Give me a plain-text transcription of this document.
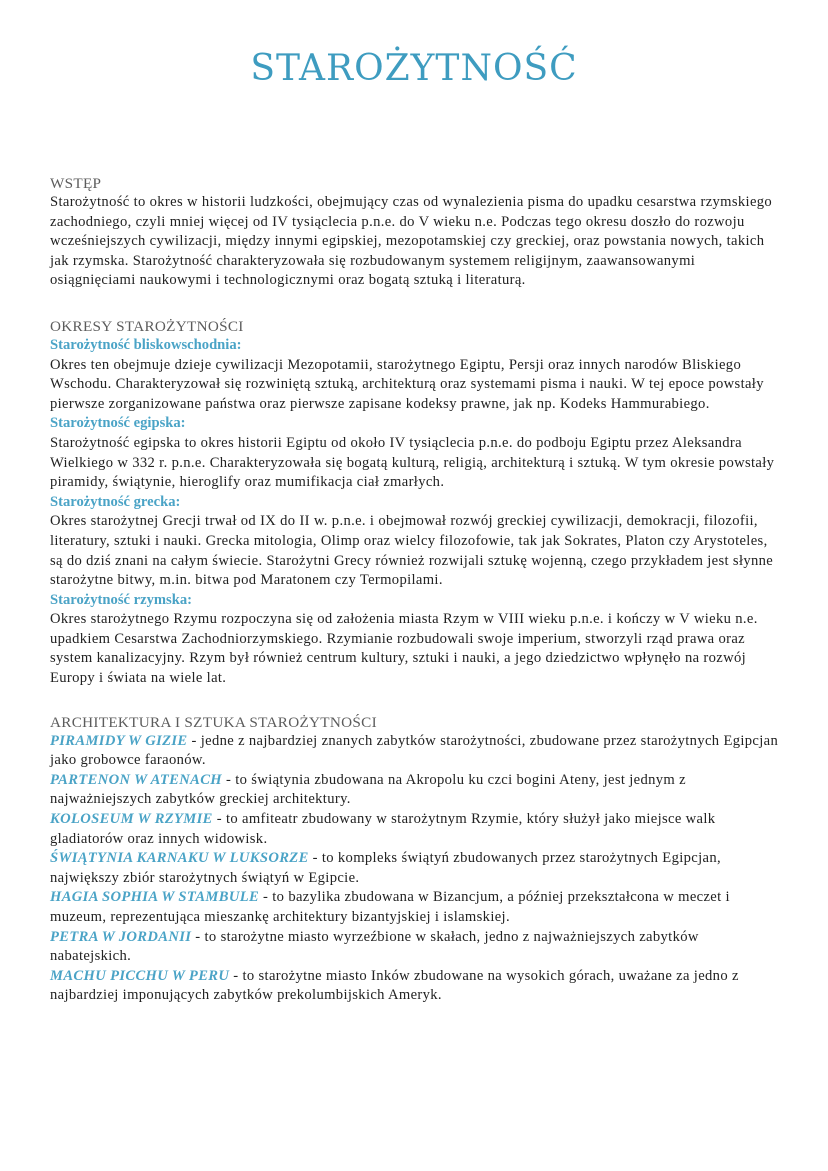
STAROŻYTNOŚĆ
WSTĘP

Starożytność to okres w historii ludzkości, obejmujący czas od wynalezienia pisma do upadku cesarstwa rzymskiego zachodniego, czyli mniej więcej od IV tysiąclecia p.n.e. do V wieku n.e. Podczas tego okresu doszło do rozwoju wcześniejszych cywilizacji, między innymi egipskiej, mezopotamskiej czy greckiej, oraz powstania nowych, takich jak rzymska. Starożytność charakteryzowała się rozbudowanym systemem religijnym, zaawansowanymi osiągnięciami naukowymi i technologicznymi oraz bogatą sztuką i literaturą.

OKRESY STAROŻYTNOŚCI
Starożytność bliskowschodnia:

Okres ten obejmuje dzieje cywilizacji Mezopotamii, starożytnego Egiptu, Persji oraz innych narodów Bliskiego Wschodu. Charakteryzował się rozwiniętą sztuką, architekturą oraz systemami pisma i nauki. W tej epoce powstały pierwsze zorganizowane państwa oraz pierwsze zapisane kodeksy prawne, jak np. Kodeks Hammurabiego.

Starożytność egipska:

Starożytność egipska to okres historii Egiptu od około IV tysiąclecia p.n.e. do podboju Egiptu przez Aleksandra Wielkiego w 332 r. p.n.e. Charakteryzowała się bogatą kulturą, religią, architekturą i sztuką. W tym okresie powstały piramidy, świątynie, hieroglify oraz mumifikacja ciał zmarłych.

Starożytność grecka:

Okres starożytnej Grecji trwał od IX do II w. p.n.e. i obejmował rozwój greckiej cywilizacji, demokracji, filozofii, literatury, sztuki i nauki. Grecka mitologia, Olimp oraz wielcy filozofowie, tak jak Sokrates, Platon czy Arystoteles, są do dziś znani na całym świecie. Starożytni Grecy również rozwijali sztukę wojenną, czego przykładem jest słynne starożytne bitwy, m.in. bitwa pod Maratonem czy Termopilami.

Starożytność rzymska:

Okres starożytnego Rzymu rozpoczyna się od założenia miasta Rzym w VIII wieku p.n.e. i kończy w V wieku n.e. upadkiem Cesarstwa Zachodniorzymskiego. Rzymianie rozbudowali swoje imperium, stworzyli rząd prawa oraz system kanalizacyjny. Rzym był również centrum kultury, sztuki i nauki, a jego dziedzictwo wpłynęło na rozwój Europy i świata na wiele lat.

ARCHITEKTURA I SZTUKA STAROŻYTNOŚCI

PIRAMIDY W GIZIE - jedne z najbardziej znanych zabytków starożytności, zbudowane przez starożytnych Egipcjan jako grobowce faraonów.

PARTENON W ATENACH - to świątynia zbudowana na Akropolu ku czci bogini Ateny, jest jednym z najważniejszych zabytków greckiej architektury.

KOLOSEUM W RZYMIE - to amfiteatr zbudowany w starożytnym Rzymie, który służył jako miejsce walk gladiatorów oraz innych widowisk.

ŚWIĄTYNIA KARNAKU W LUKSORZE - to kompleks świątyń zbudowanych przez starożytnych Egipcjan, największy zbiór starożytnych świątyń w Egipcie.

HAGIA SOPHIA W STAMBULE - to bazylika zbudowana w Bizancjum, a później przekształcona w meczet i muzeum, reprezentująca mieszankę architektury bizantyjskiej i islamskiej.

PETRA W JORDANII - to starożytne miasto wyrzeźbione w skałach, jedno z najważniejszych zabytków nabatejskich.

MACHU PICCHU W PERU - to starożytne miasto Inków zbudowane na wysokich górach, uważane za jedno z najbardziej imponujących zabytków prekolumbijskich Ameryk.
